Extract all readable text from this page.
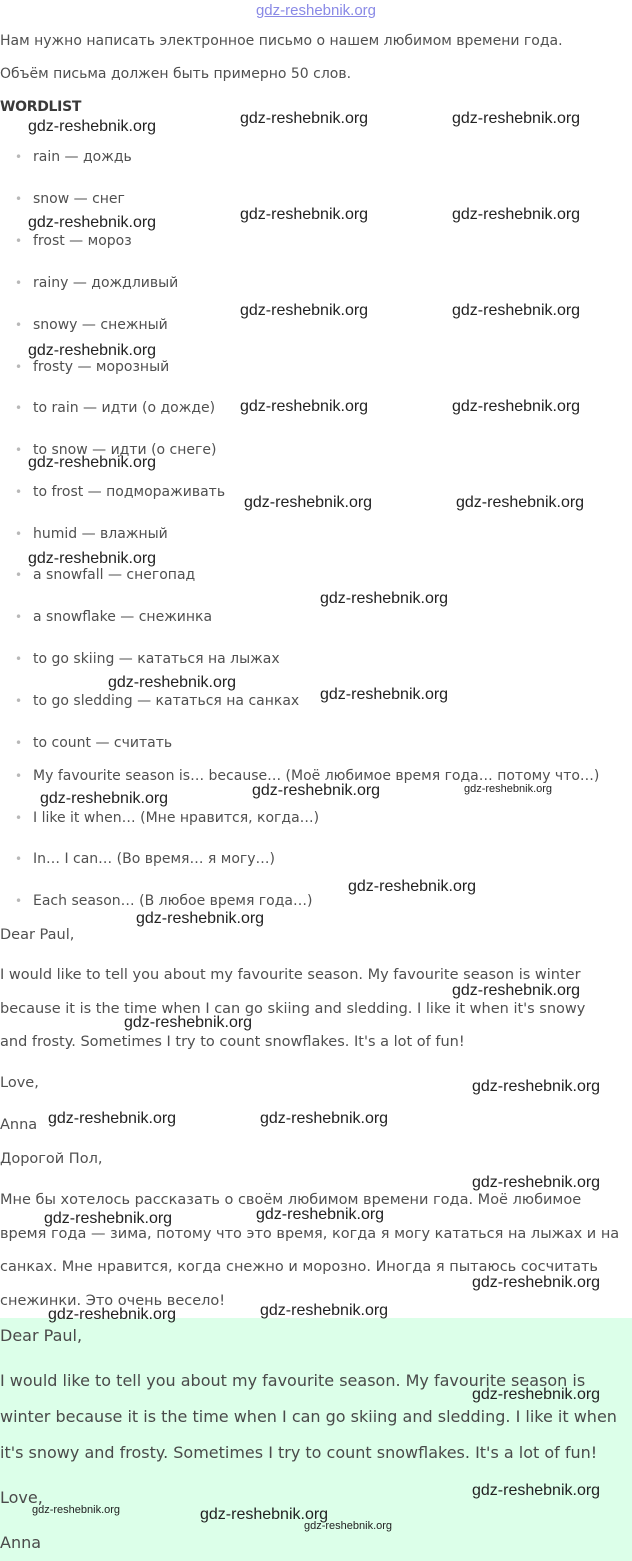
gdz-reshebnik.org
Нам нужно написать электронное письмо о нашем любимом времени года.
Объём письма должен быть примерно 50 слов.
WORDLIST
• rain — дождь
• snow — снег
• frost — мороз
• rainy — дождливый
• snowy — снежный
• frosty — морозный
• to rain — идти (о дожде)
• to snow — идти (о снеге)
• to frost — подмораживать
• humid — влажный
• a snowfall — снегопад
• a snowflake — снежинка
• to go skiing — кататься на лыжах
• to go sledding — кататься на санках
• to count — считать
• My favourite season is… because… (Моё любимое время года… потому что…)
• I like it when… (Мне нравится, когда…)
• In… I can… (Во время… я могу…)
• Each season… (В любое время года…)
Dear Paul,
I would like to tell you about my favourite season. My favourite season is winter
because it is the time when I can go skiing and sledding. I like it when it's snowy
and frosty. Sometimes I try to count snowflakes. It's a lot of fun!
Love,
Anna
Дорогой Пол,
Мне бы хотелось рассказать о своём любимом времени года. Моё любимое
время года — зима, потому что это время, когда я могу кататься на лыжах и на
санках. Мне нравится, когда снежно и морозно. Иногда я пытаюсь сосчитать
снежинки. Это очень весело!
Dear Paul,
I would like to tell you about my favourite season. My favourite season is
winter because it is the time when I can go skiing and sledding. I like it when
it's snowy and frosty. Sometimes I try to count snowflakes. It's a lot of fun!
Love,
Anna
gdz-reshebnik.org	gdz-reshebnik.org	gdz-reshebnik.org
gdz-reshebnik.org	gdz-reshebnik.org	gdz-reshebnik.org
gdz-reshebnik.org	gdz-reshebnik.org
gdz-reshebnik.org
gdz-reshebnik.org	gdz-reshebnik.org
gdz-reshebnik.org
gdz-reshebnik.org	gdz-reshebnik.org
gdz-reshebnik.org
gdz-reshebnik.org
gdz-reshebnik.org
gdz-reshebnik.org
gdz-reshebnik.org	gdz-reshebnik.org	gdz-reshebnik.org
gdz-reshebnik.org
gdz-reshebnik.org
gdz-reshebnik.org
gdz-reshebnik.org
gdz-reshebnik.org
gdz-reshebnik.org	gdz-reshebnik.org
gdz-reshebnik.org
gdz-reshebnik.org	gdz-reshebnik.org
gdz-reshebnik.org
gdz-reshebnik.org	gdz-reshebnik.org
gdz-reshebnik.org
gdz-reshebnik.org
gdz-reshebnik.org	gdz-reshebnik.org
gdz-reshebnik.org
